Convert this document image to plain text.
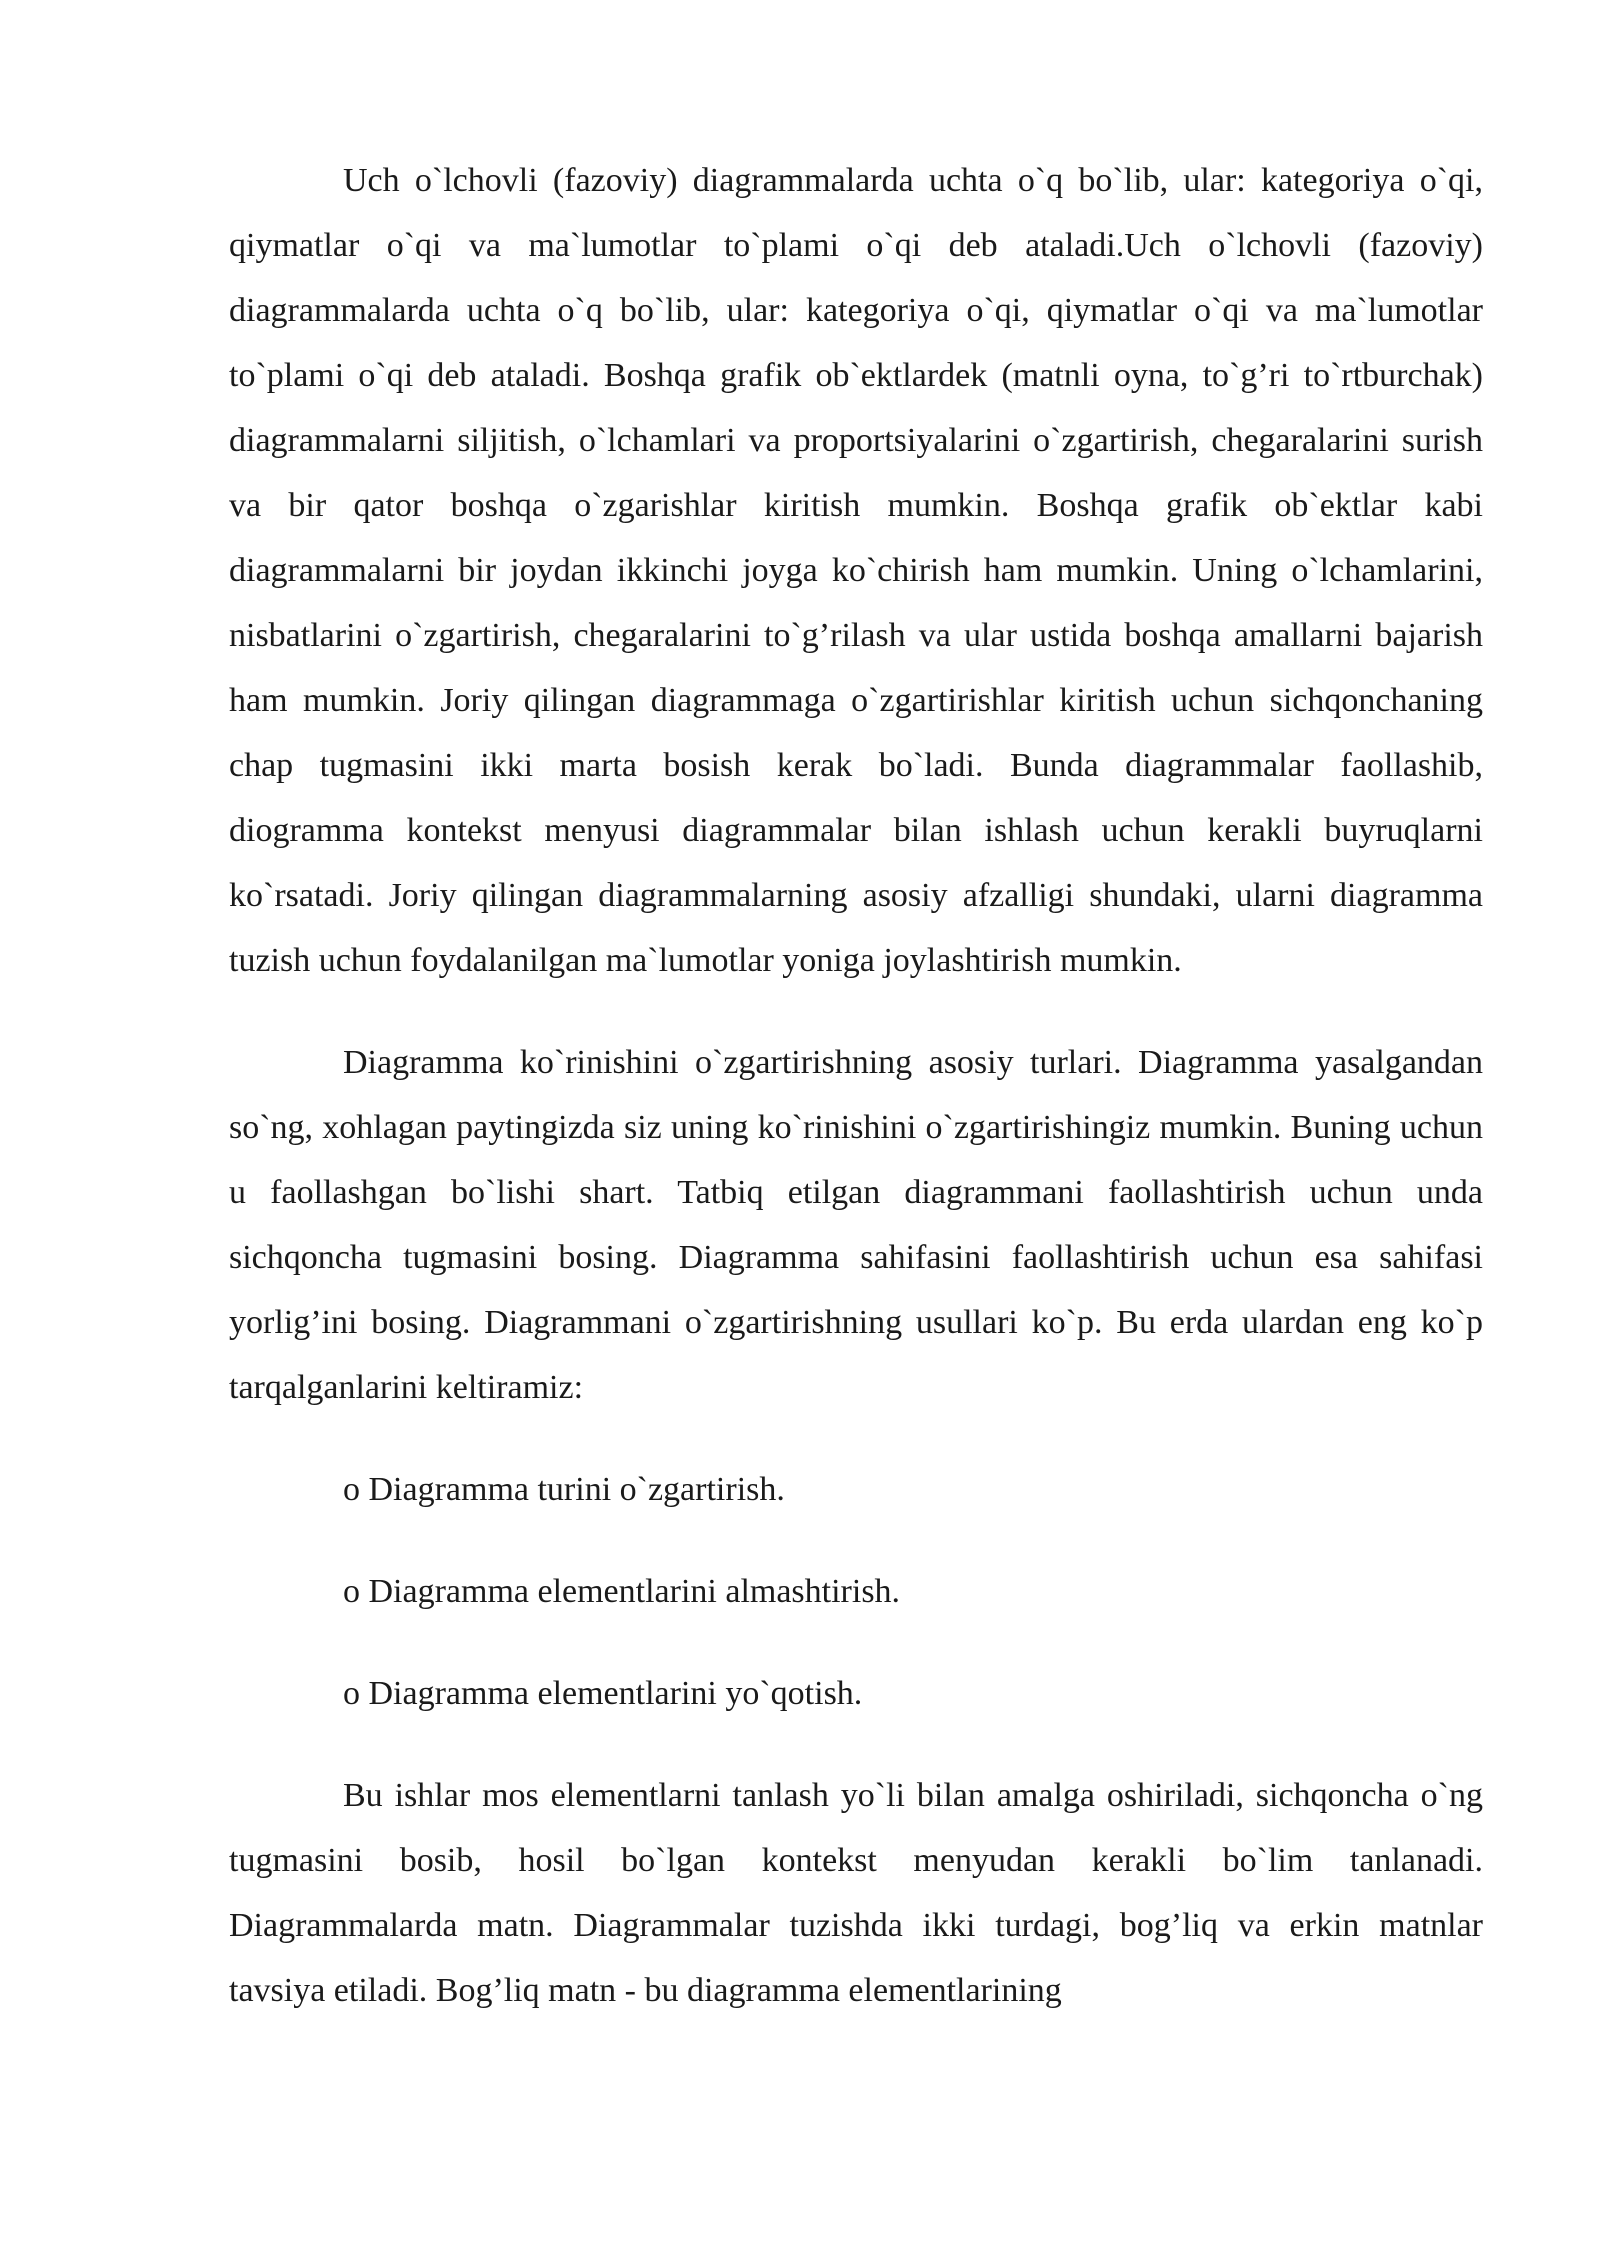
Uch o`lchovli (fazoviy) diagrammalarda uchta o`q bo`lib, ular: kategoriya o`qi, qiymatlar o`qi va ma`lumotlar to`plami o`qi deb ataladi.Uch o`lchovli (fazoviy) diagrammalarda uchta o`q bo`lib, ular: kategoriya o`qi, qiymatlar o`qi va ma`lumotlar to`plami o`qi deb ataladi. Boshqa grafik ob`ektlardek (matnli oyna, to`g’ri to`rtburchak) diagrammalarni siljitish, o`lchamlari va proportsiyalarini o`zgartirish, chegaralarini surish va bir qator boshqa o`zgarishlar kiritish mumkin. Boshqa grafik ob`ektlar kabi diagrammalarni bir joydan ikkinchi joyga ko`chirish ham mumkin. Uning o`lchamlarini, nisbatlarini o`zgartirish, chegaralarini to`g’rilash va ular ustida boshqa amallarni bajarish ham mumkin. Joriy qilingan diagrammaga o`zgartirishlar kiritish uchun sichqonchaning chap tugmasini ikki marta bosish kerak bo`ladi. Bunda diagrammalar faollashib, diogramma kontekst menyusi diagrammalar bilan ishlash uchun kerakli buyruqlarni ko`rsatadi. Joriy qilingan diagrammalarning asosiy afzalligi shundaki, ularni diagramma tuzish uchun foydalanilgan ma`lumotlar yoniga joylashtirish mumkin.

Diagramma ko`rinishini o`zgartirishning asosiy turlari. Diagramma yasalgandan so`ng, xohlagan paytingizda siz uning ko`rinishini o`zgartirishingiz mumkin. Buning uchun u faollashgan bo`lishi shart. Tatbiq etilgan diagrammani faollashtirish uchun unda sichqoncha tugmasini bosing. Diagramma sahifasini faollashtirish uchun esa sahifasi yorlig’ini bosing. Diagrammani o`zgartirishning usullari ko`p. Bu erda ulardan eng ko`p tarqalganlarini keltiramiz:

o Diagramma turini o`zgartirish.

o Diagramma elementlarini almashtirish.

o Diagramma elementlarini yo`qotish.

Bu ishlar mos elementlarni tanlash yo`li bilan amalga oshiriladi, sichqoncha o`ng tugmasini bosib, hosil bo`lgan kontekst menyudan kerakli bo`lim tanlanadi. Diagrammalarda matn. Diagrammalar tuzishda ikki turdagi, bog’liq va erkin matnlar tavsiya etiladi. Bog’liq matn - bu diagramma elementlarining
